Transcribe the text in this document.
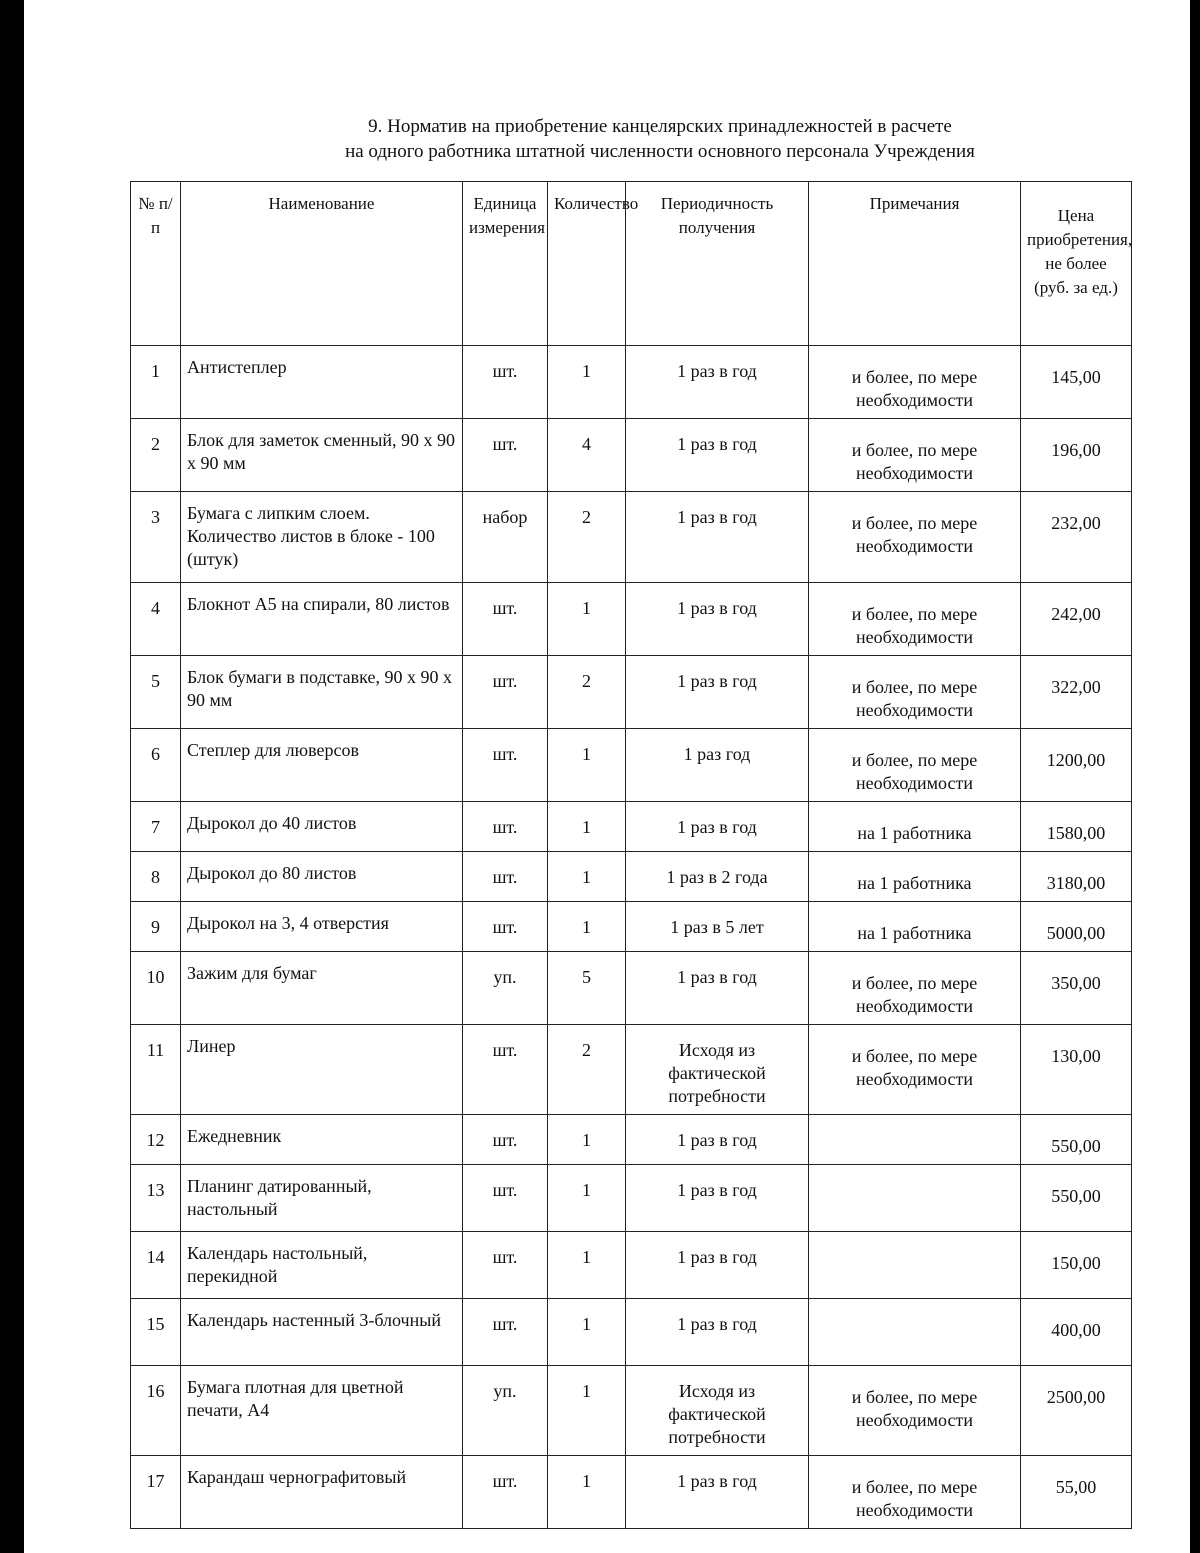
9. Норматив на приобретение канцелярских принадлежностей в расчете
на одного работника штатной численности основного персонала Учреждения
№ п/п	Наименование	Единица измерения	Количество	Периодичность получения	Примечания	Цена приобретения, не более (руб. за ед.)
1	Антистеплер	шт.	1	1 раз в год	и более, по мере необходимости	145,00
2	Блок для заметок сменный, 90 х 90 х 90 мм	шт.	4	1 раз в год	и более, по мере необходимости	196,00
3	Бумага с липким слоем. Количество листов в блоке - 100 (штук)	набор	2	1 раз в год	и более, по мере необходимости	232,00
4	Блокнот А5 на спирали, 80 листов	шт.	1	1 раз в год	и более, по мере необходимости	242,00
5	Блок бумаги в подставке, 90 х 90 х 90 мм	шт.	2	1 раз в год	и более, по мере необходимости	322,00
6	Степлер для люверсов	шт.	1	1 раз год	и более, по мере необходимости	1200,00
7	Дырокол до 40 листов	шт.	1	1 раз в год	на 1 работника	1580,00
8	Дырокол до 80 листов	шт.	1	1 раз в 2 года	на 1 работника	3180,00
9	Дырокол на 3, 4 отверстия	шт.	1	1 раз в 5 лет	на 1 работника	5000,00
10	Зажим для бумаг	уп.	5	1 раз в год	и более, по мере необходимости	350,00
11	Линер	шт.	2	Исходя из фактической потребности	и более, по мере необходимости	130,00
12	Ежедневник	шт.	1	1 раз в год		550,00
13	Планинг датированный, настольный	шт.	1	1 раз в год		550,00
14	Календарь настольный, перекидной	шт.	1	1 раз в год		150,00
15	Календарь настенный 3-блочный	шт.	1	1 раз в год		400,00
16	Бумага плотная для цветной печати, А4	уп.	1	Исходя из фактической потребности	и более, по мере необходимости	2500,00
17	Карандаш чернографитовый	шт.	1	1 раз в год	и более, по мере необходимости	55,00
